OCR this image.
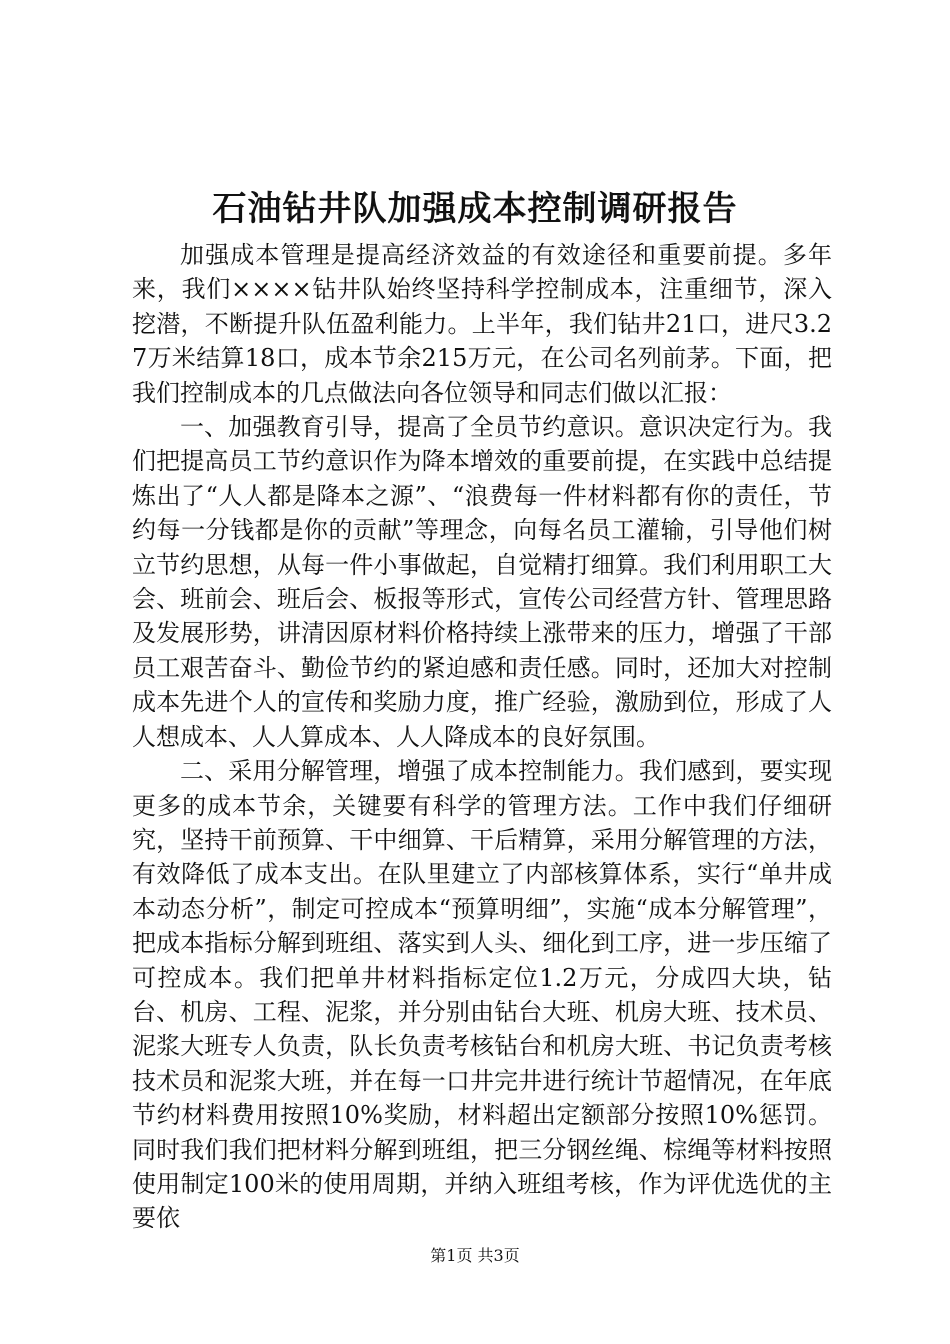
石油钻井队加强成本控制调研报告

加强成本管理是提高经济效益的有效途径和重要前提。多年来，我们××××钻井队始终坚持科学控制成本，注重细节，深入挖潜，不断提升队伍盈利能力。上半年，我们钻井21口，进尺3.27万米结算18口，成本节余215万元，在公司名列前茅。下面，把我们控制成本的几点做法向各位领导和同志们做以汇报：

一、加强教育引导，提高了全员节约意识。意识决定行为。我们把提高员工节约意识作为降本增效的重要前提，在实践中总结提炼出了“人人都是降本之源”、“浪费每一件材料都有你的责任，节约每一分钱都是你的贡献”等理念，向每名员工灌输，引导他们树立节约思想，从每一件小事做起，自觉精打细算。我们利用职工大会、班前会、班后会、板报等形式，宣传公司经营方针、管理思路及发展形势，讲清因原材料价格持续上涨带来的压力，增强了干部员工艰苦奋斗、勤俭节约的紧迫感和责任感。同时，还加大对控制成本先进个人的宣传和奖励力度，推广经验，激励到位，形成了人人想成本、人人算成本、人人降成本的良好氛围。

二、采用分解管理，增强了成本控制能力。我们感到，要实现更多的成本节余，关键要有科学的管理方法。工作中我们仔细研究，坚持干前预算、干中细算、干后精算，采用分解管理的方法，有效降低了成本支出。在队里建立了内部核算体系，实行“单井成本动态分析”，制定可控成本“预算明细”，实施“成本分解管理”，把成本指标分解到班组、落实到人头、细化到工序，进一步压缩了可控成本。我们把单井材料指标定位1.2万元，分成四大块，钻台、机房、工程、泥浆，并分别由钻台大班、机房大班、技术员、泥浆大班专人负责，队长负责考核钻台和机房大班、书记负责考核技术员和泥浆大班，并在每一口井完井进行统计节超情况，在年底节约材料费用按照10%奖励，材料超出定额部分按照10%惩罚。同时我们我们把材料分解到班组，把三分钢丝绳、棕绳等材料按照使用制定100米的使用周期，并纳入班组考核，作为评优选优的主要依

第1页 共3页
